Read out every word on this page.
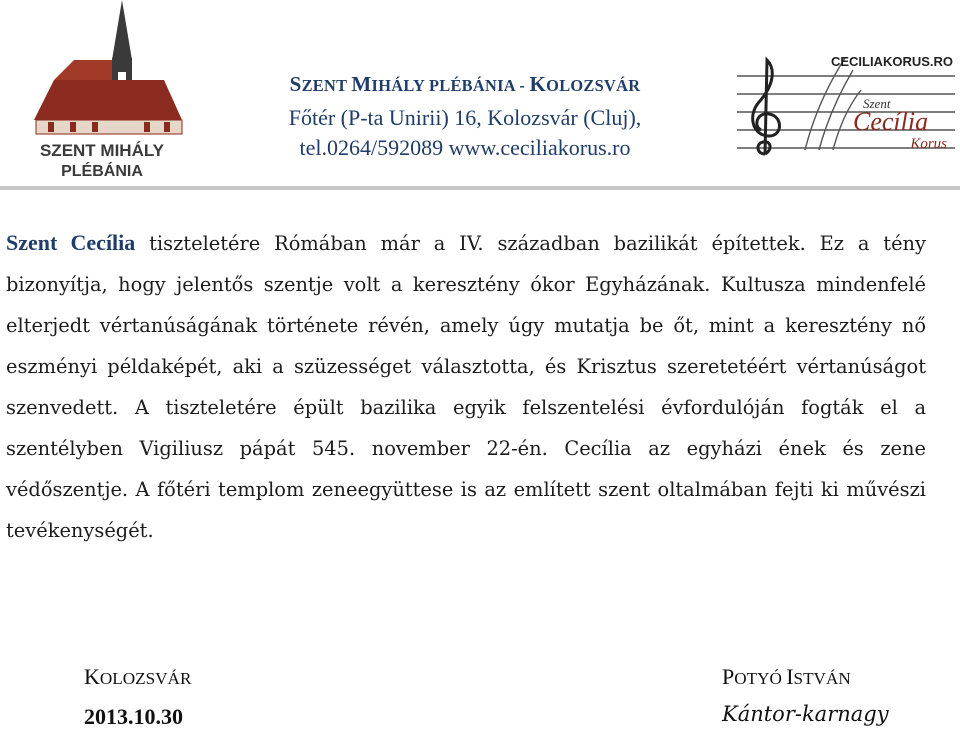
SZENT MIHÁLY
PLÉBÁNIA
SZENT MIHÁLY PLÉBÁNIA - KOLOZSVÁR
Főtér (P-ta Unirii) 16, Kolozsvár (Cluj),
tel.0264/592089 www.ceciliakorus.ro
CECILIAKORUS.RO
Szent
Cecília
Korus
Szent Cecília tiszteletére Rómában már a IV. században bazilikát építettek. Ez a tény bizonyítja, hogy jelentős szentje volt a keresztény ókor Egyházának. Kultusza mindenfelé elterjedt vértanúságának története révén, amely úgy mutatja be őt, mint a keresztény nő eszményi példaképét, aki a szüzességet választotta, és Krisztus szeretetéért vértanúságot szenvedett. A tiszteletére épült bazilika egyik felszentelési évfordulóján fogták el a szentélyben Vigiliusz pápát 545. november 22-én. Cecília az egyházi ének és zene védőszentje. A főtéri templom zeneegyüttese is az említett szent oltalmában fejti ki művészi tevékenységét.
KOLOZSVÁR
2013.10.30
POTYÓ ISTVÁN
Kántor-karnagy
